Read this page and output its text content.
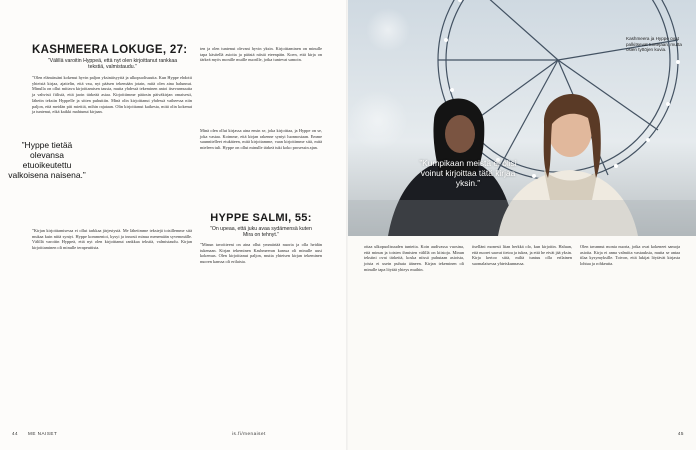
KASHMEERA LOKUGE, 27:
”Välillä varoitin Hyppeä, että nyt olen kirjoittanut rankkaa tekstiä, valmistaudu.”

”Olen elämässäni kokenut hyvin paljon yksinäisyyttä ja ulkopuolisuutta. Kun Hyppe ehdotti yhteistä kirjaa, ajattelin, että vau, nyt pääsen tekemään jotain, mitä olen aina halunnut. Minulla on ollut mittava kirjoittamisen tausta, mutta yhdessä tekeminen antoi itsevarmuutta ja vahvisti fiilistä, että jaoin tärkeää asiaa. Kirjoittimme pääosin päiväkirjan omaisesti, lähetin tekstin Hyppelle ja sitten puhuttiin. Minä olin kirjoittanut yhdessä vaiheessa niin paljon, että meidän piti miettiä, mihin rajataan. Olin kirjoittanut kaikesta, mitä olin kokenut ja tuntenut, eikä kaikki mahtunut kirjaan.

”Kirjan kirjoittamisessa ei ollut tarkkaa järjestystä. Me lähetimme tekstejä toisillemme sitä mukaa kuin niitä syntyi. Hyppe kommentoi, kysyi ja innosti minua menemään syvemmälle. Välillä varoitin Hyppeä, että nyt olen kirjoittanut rankkaa tekstiä, valmistaudu. Kirjan kirjoittaminen oli minulle terapeuttista.

ten ja olen tuntenut olevani hyvin yksin. Kirjoittaminen on minulle tapa käsitellä asioita ja päästä niistä eteenpäin. Koen, että kirja on tärkeä myös monille muille nuorille, jotka tuntevat samoin.

Minä olen ollut kirjassa aina ensin se, joka kirjoittaa, ja Hyppe on se, joka vastaa. Koimme, että kirjan rakenne syntyi luonnostaan. Emme suunnitelleet etukäteen, mitä kirjoitamme, vaan kirjoitimme sitä, mitä mieleen tuli. Hyppe on ollut minulle tärkeä tuki koko prosessin ajan.

HYPPE SALMI, 55:
”On upeaa, että juku avaa sydämensä kuten Mira on tehnyt.”

”Minun tavoitteeni on aina ollut ymmärtää nuoria ja olla heidän tukenaan. Kirjan tekeminen Kashmeeran kanssa oli minulle uusi kokemus. Olen kirjoittanut paljon, mutta yhteisen kirjan tekeminen nuoren kanssa oli erilaista.

”Hyppe tietää olevansa etuoikeutettu valkoisena naisena.”

44 ME NAISET	is.fi/menaiset

”Kumpikaan meistä ei olisi voinut kirjoittaa tätä kirjaa yksin.”

Kashmeera ja Hyppe ovat palkitsevat tuntejaan, mutta osien tyttöjen kuvia.

ottaa ulkopuolisuuden tunteita. Koin audivassa vuosina, että minun ja toisten ihmisten välillä on kiistoja. Minun tekstini ovat tärkeitä, koska niissä puhutaan asioista, joista ei usein puhuta ääneen. Kirjan tekeminen oli minulle tapa löytää yhteys muihin.

itselläni monesti liian herkkä olo, kun kirjoitin. Haluan, että nuoret saavat tietoa ja tukea, ja että he eivät jää yksin. Kirja kertoo siitä, miltä tuntuu olla erilainen suomalaisessa yhteiskunnassa.

Olen tavannut monia nuoria, jotka ovat kokeneet samoja asioita. Kirja ei anna valmiita vastauksia, mutta se antaa tilaa kysymyksille. Toivon, että lukijat löytävät kirjasta lohtua ja rohkeutta.

45
